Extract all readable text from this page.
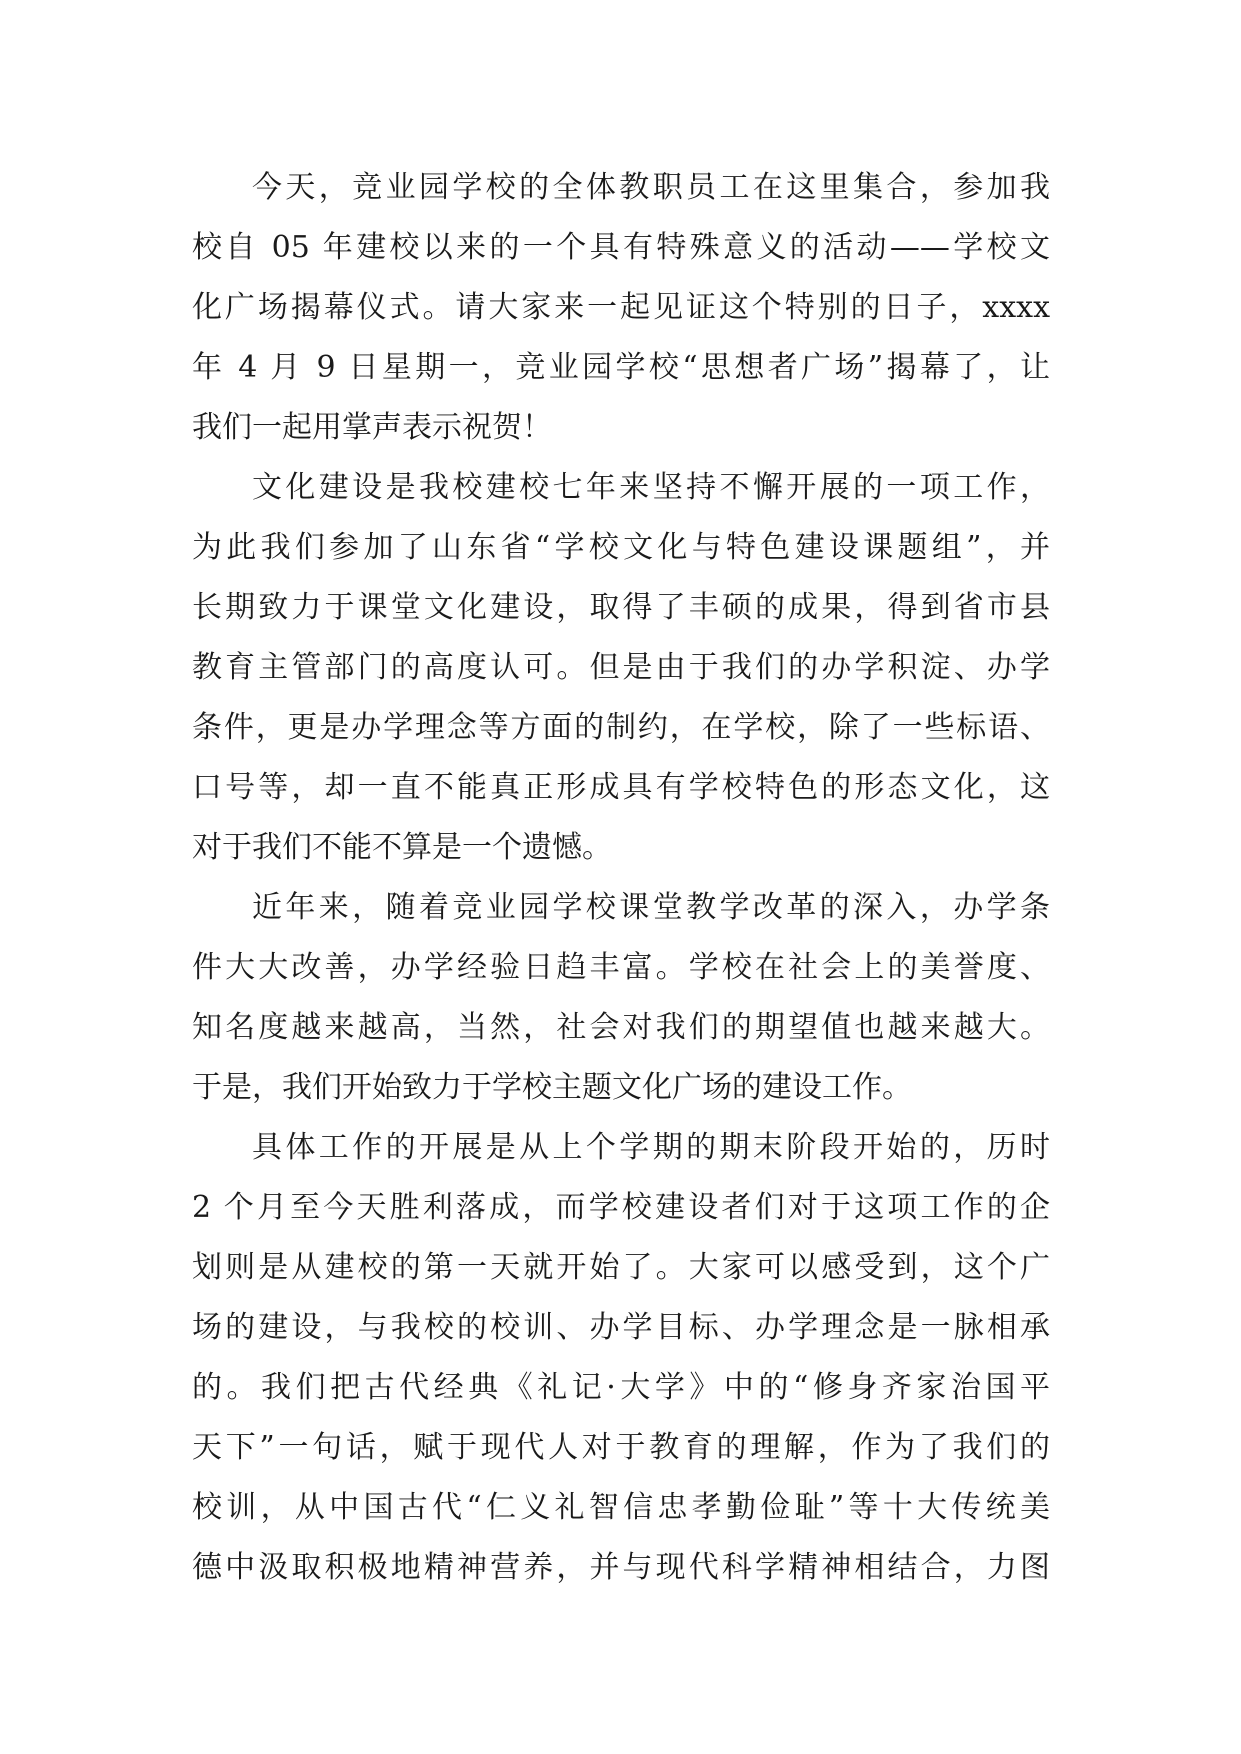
今天，竞业园学校的全体教职员工在这里集合，参加我
校自 05 年建校以来的一个具有特殊意义的活动——学校文
化广场揭幕仪式。请大家来一起见证这个特别的日子，xxxx
年 4 月 9 日星期一，竞业园学校“思想者广场”揭幕了，让
我们一起用掌声表示祝贺！
文化建设是我校建校七年来坚持不懈开展的一项工作，
为此我们参加了山东省“学校文化与特色建设课题组”，并
长期致力于课堂文化建设，取得了丰硕的成果，得到省市县
教育主管部门的高度认可。但是由于我们的办学积淀、办学
条件，更是办学理念等方面的制约，在学校，除了一些标语、
口号等，却一直不能真正形成具有学校特色的形态文化，这
对于我们不能不算是一个遗憾。
近年来，随着竞业园学校课堂教学改革的深入，办学条
件大大改善，办学经验日趋丰富。学校在社会上的美誉度、
知名度越来越高，当然，社会对我们的期望值也越来越大。
于是，我们开始致力于学校主题文化广场的建设工作。
具体工作的开展是从上个学期的期末阶段开始的，历时
2 个月至今天胜利落成，而学校建设者们对于这项工作的企
划则是从建校的第一天就开始了。大家可以感受到，这个广
场的建设，与我校的校训、办学目标、办学理念是一脉相承
的。我们把古代经典《礼记·大学》中的“修身齐家治国平
天下”一句话，赋于现代人对于教育的理解，作为了我们的
校训，从中国古代“仁义礼智信忠孝勤俭耻”等十大传统美
德中汲取积极地精神营养，并与现代科学精神相结合，力图
